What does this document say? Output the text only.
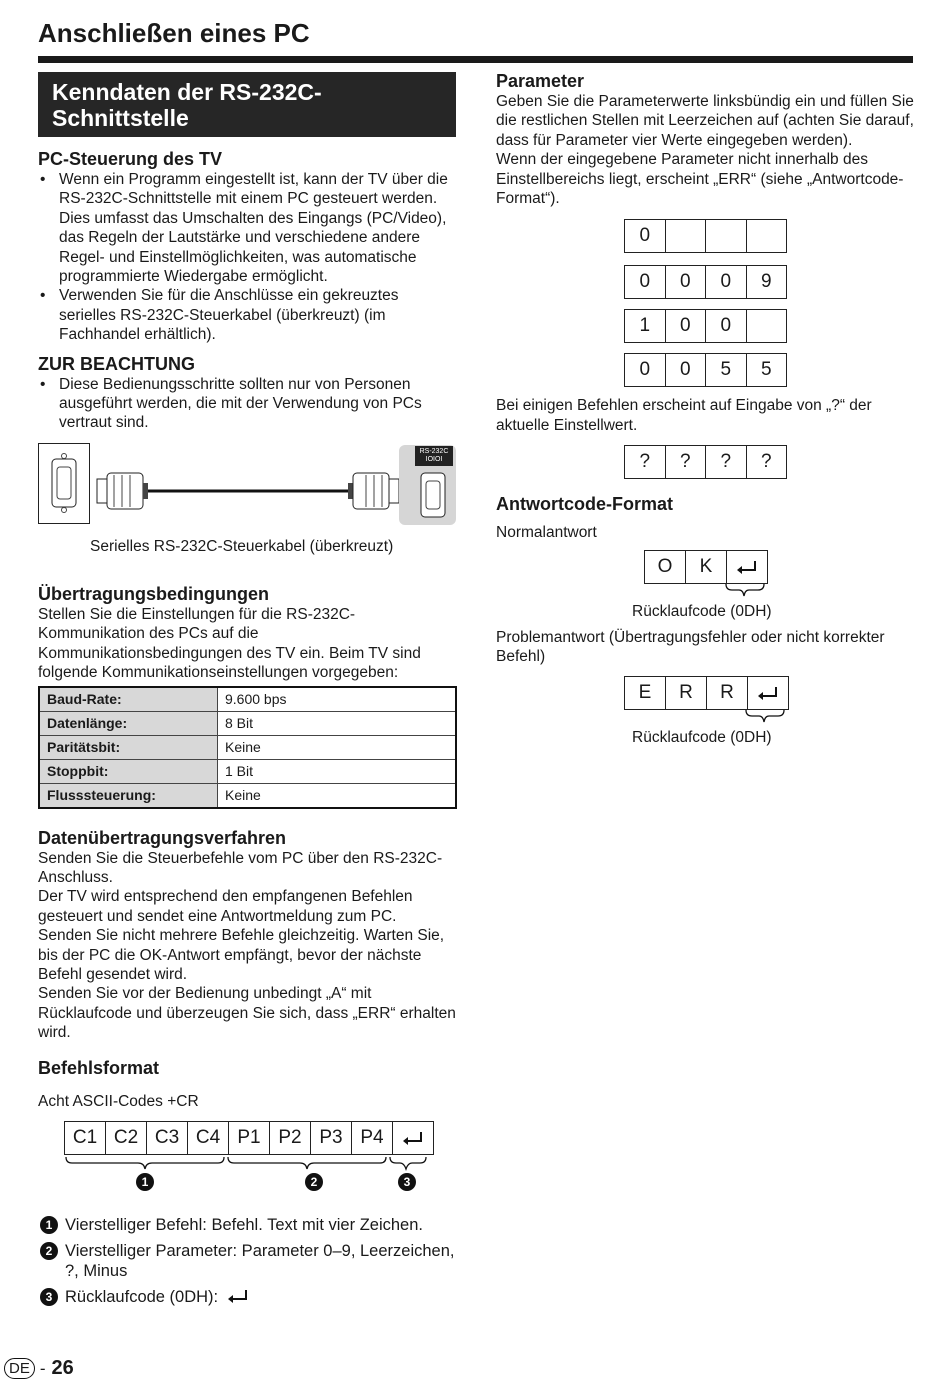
Anschließen eines PC
Kenndaten der RS-232C-
Schnittstelle
PC-Steuerung des TV
• Wenn ein Programm eingestellt ist, kann der TV über die RS-232C-Schnittstelle mit einem PC gesteuert werden. Dies umfasst das Umschalten des Eingangs (PC/Video), das Regeln der Lautstärke und verschiedene andere Regel- und Einstellmöglichkeiten, was automatische programmierte Wiedergabe ermöglicht.
• Verwenden Sie für die Anschlüsse ein gekreuztes serielles RS-232C-Steuerkabel (überkreuzt) (im Fachhandel erhältlich).
ZUR BEACHTUNG
• Diese Bedienungsschritte sollten nur von Personen ausgeführt werden, die mit der Verwendung von PCs vertraut sind.
RS-232C
IOIOI
Serielles RS-232C-Steuerkabel (überkreuzt)
Übertragungsbedingungen

Stellen Sie die Einstellungen für die RS-232C-Kommunikation des PCs auf die Kommunikationsbedingungen des TV ein. Beim TV sind folgende Kommunikationseinstellungen vorgegeben:

Baud-Rate:	9.600 bps
Datenlänge:	8 Bit
Paritätsbit:	Keine
Stoppbit:	1 Bit
Flusssteuerung:	Keine
Datenübertragungsverfahren

Senden Sie die Steuerbefehle vom PC über den RS-232C-Anschluss.

Der TV wird entsprechend den empfangenen Befehlen gesteuert und sendet eine Antwortmeldung zum PC.

Senden Sie nicht mehrere Befehle gleichzeitig. Warten Sie, bis der PC die OK-Antwort empfängt, bevor der nächste Befehl gesendet wird.

Senden Sie vor der Bedienung unbedingt „A“ mit Rücklaufcode und überzeugen Sie sich, dass „ERR“ erhalten wird.

Befehlsformat

Acht ASCII-Codes +CR

C1 C2 C3 C4 P1 P2 P3 P4
1	2	3
1 Vierstelliger Befehl: Befehl. Text mit vier Zeichen.
2 Vierstelliger Parameter: Parameter 0–9, Leerzeichen, ?, Minus
3 Rücklaufcode (0DH):
Parameter

Geben Sie die Parameterwerte linksbündig ein und füllen Sie die restlichen Stellen mit Leerzeichen auf (achten Sie darauf, dass für Parameter vier Werte eingegeben werden).

Wenn der eingegebene Parameter nicht innerhalb des Einstellbereichs liegt, erscheint „ERR“ (siehe „Antwortcode-Format“).

0
0	0	0	9
1	0	0
0	0	5	5

Bei einigen Befehlen erscheint auf Eingabe von „?“ der aktuelle Einstellwert.

?	?	?	?
Antwortcode-Format

Normalantwort

O	K
Rücklaufcode (0DH)

Problemantwort (Übertragungsfehler oder nicht korrekter Befehl)

E	R	R
Rücklaufcode (0DH)
DE - 26
